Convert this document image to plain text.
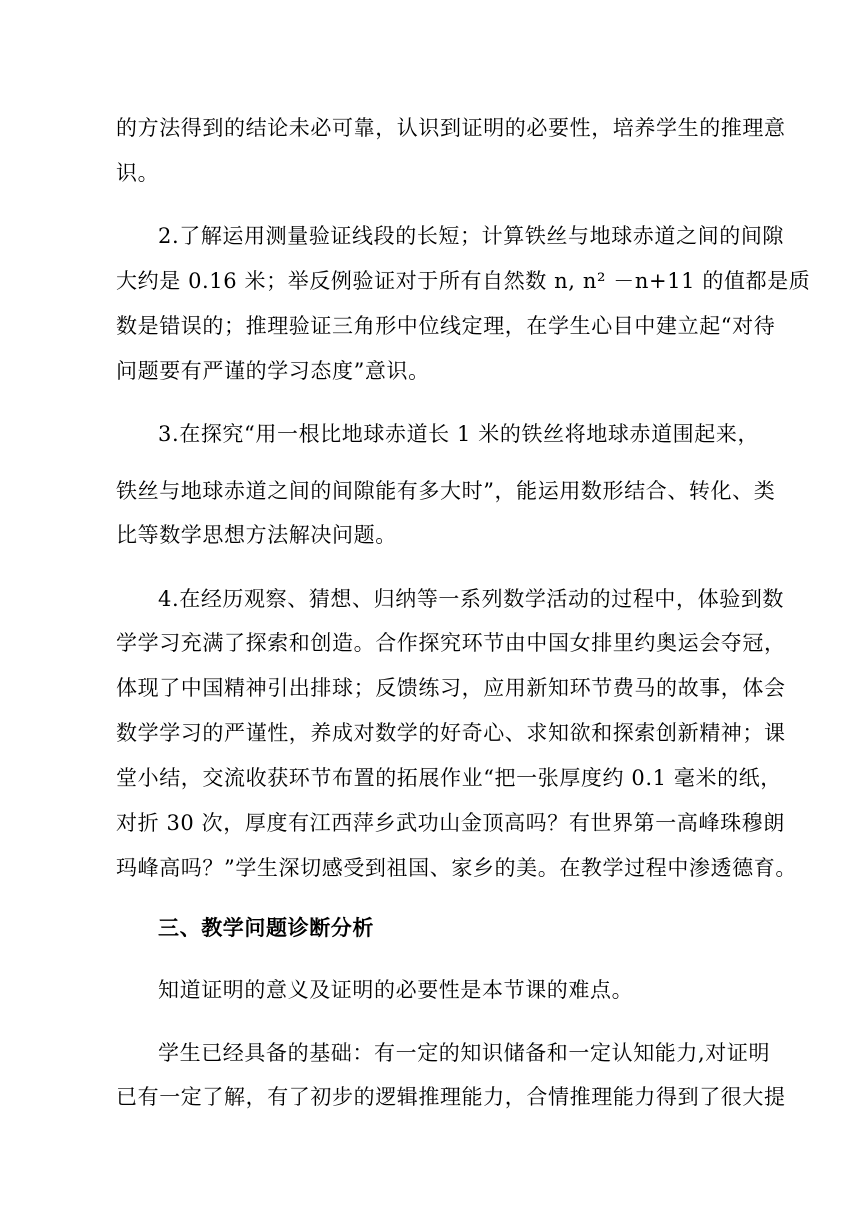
的方法得到的结论未必可靠，认识到证明的必要性，培养学生的推理意
识。
2.了解运用测量验证线段的长短；计算铁丝与地球赤道之间的间隙
大约是 0.16 米；举反例验证对于所有自然数 n, n² －n+11 的值都是质
数是错误的；推理验证三角形中位线定理，在学生心目中建立起“对待
问题要有严谨的学习态度”意识。
3.在探究“用一根比地球赤道长 1 米的铁丝将地球赤道围起来，
铁丝与地球赤道之间的间隙能有多大时”，能运用数形结合、转化、类
比等数学思想方法解决问题。
4.在经历观察、猜想、归纳等一系列数学活动的过程中，体验到数
学学习充满了探索和创造。合作探究环节由中国女排里约奥运会夺冠，
体现了中国精神引出排球；反馈练习，应用新知环节费马的故事，体会
数学学习的严谨性，养成对数学的好奇心、求知欲和探索创新精神；课
堂小结，交流收获环节布置的拓展作业“把一张厚度约 0.1 毫米的纸，
对折 30 次，厚度有江西萍乡武功山金顶高吗？有世界第一高峰珠穆朗
玛峰高吗？”学生深切感受到祖国、家乡的美。在教学过程中渗透德育。
三、教学问题诊断分析
知道证明的意义及证明的必要性是本节课的难点。
学生已经具备的基础：有一定的知识储备和一定认知能力,对证明
已有一定了解，有了初步的逻辑推理能力，合情推理能力得到了很大提
